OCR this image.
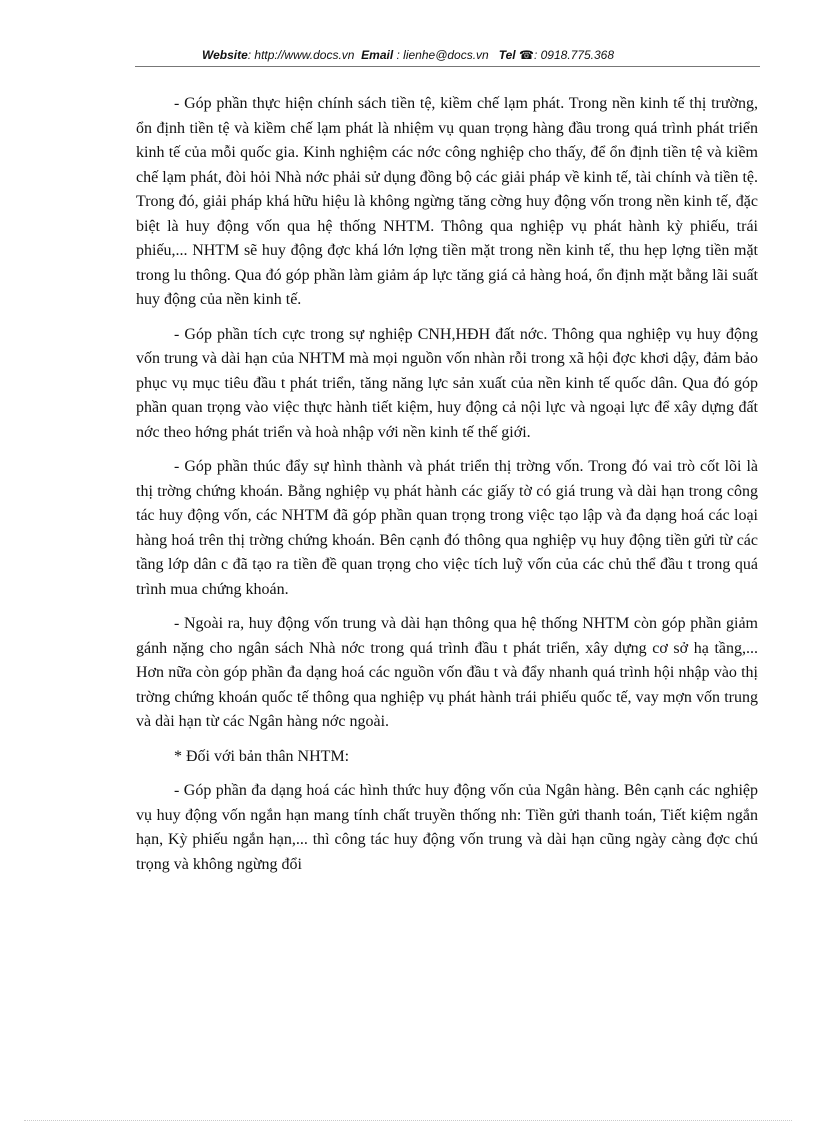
Website: http://www.docs.vn Email : lienhe@docs.vn Tel ☎: 0918.775.368

- Góp phần thực hiện chính sách tiền tệ, kiềm chế lạm phát. Trong nền kinh tế thị trường, ổn định tiền tệ và kiềm chế lạm phát là nhiệm vụ quan trọng hàng đầu trong quá trình phát triển kinh tế của mỗi quốc gia. Kinh nghiệm các nớc công nghiệp cho thấy, để ổn định tiền tệ và kiềm chế lạm phát, đòi hỏi Nhà nớc phải sử dụng đồng bộ các giải pháp về kinh tế, tài chính và tiền tệ. Trong đó, giải pháp khá hữu hiệu là không ngừng tăng cờng huy động vốn trong nền kinh tế, đặc biệt là huy động vốn qua hệ thống NHTM. Thông qua nghiệp vụ phát hành kỳ phiếu, trái phiếu,... NHTM sẽ huy động đợc khá lớn lợng tiền mặt trong nền kinh tế, thu hẹp lợng tiền mặt trong lu thông. Qua đó góp phần làm giảm áp lực tăng giá cả hàng hoá, ổn định mặt bằng lãi suất huy động của nền kinh tế.

- Góp phần tích cực trong sự nghiệp CNH,HĐH đất nớc. Thông qua nghiệp vụ huy động vốn trung và dài hạn của NHTM mà mọi nguồn vốn nhàn rỗi trong xã hội đợc khơi dậy, đảm bảo phục vụ mục tiêu đầu t phát triển, tăng năng lực sản xuất của nền kinh tế quốc dân. Qua đó góp phần quan trọng vào việc thực hành tiết kiệm, huy động cả nội lực và ngoại lực để xây dựng đất nớc theo hớng phát triển và hoà nhập với nền kinh tế thế giới.

- Góp phần thúc đẩy sự hình thành và phát triển thị trờng vốn. Trong đó vai trò cốt lõi là thị trờng chứng khoán. Bằng nghiệp vụ phát hành các giấy tờ có giá trung và dài hạn trong công tác huy động vốn, các NHTM đã góp phần quan trọng trong việc tạo lập và đa dạng hoá các loại hàng hoá trên thị trờng chứng khoán. Bên cạnh đó thông qua nghiệp vụ huy động tiền gửi từ các tầng lớp dân c đã tạo ra tiền đề quan trọng cho việc tích luỹ vốn của các chủ thể đầu t trong quá trình mua chứng khoán.

- Ngoài ra, huy động vốn trung và dài hạn thông qua hệ thống NHTM còn góp phần giảm gánh nặng cho ngân sách Nhà nớc trong quá trình đầu t phát triển, xây dựng cơ sở hạ tầng,... Hơn nữa còn góp phần đa dạng hoá các nguồn vốn đầu t và đẩy nhanh quá trình hội nhập vào thị trờng chứng khoán quốc tế thông qua nghiệp vụ phát hành trái phiếu quốc tế, vay mợn vốn trung và dài hạn từ các Ngân hàng nớc ngoài.

* Đối với bản thân NHTM:

- Góp phần đa dạng hoá các hình thức huy động vốn của Ngân hàng. Bên cạnh các nghiệp vụ huy động vốn ngắn hạn mang tính chất truyền thống nh: Tiền gửi thanh toán, Tiết kiệm ngắn hạn, Kỳ phiếu ngắn hạn,... thì công tác huy động vốn trung và dài hạn cũng ngày càng đợc chú trọng và không ngừng đổi
